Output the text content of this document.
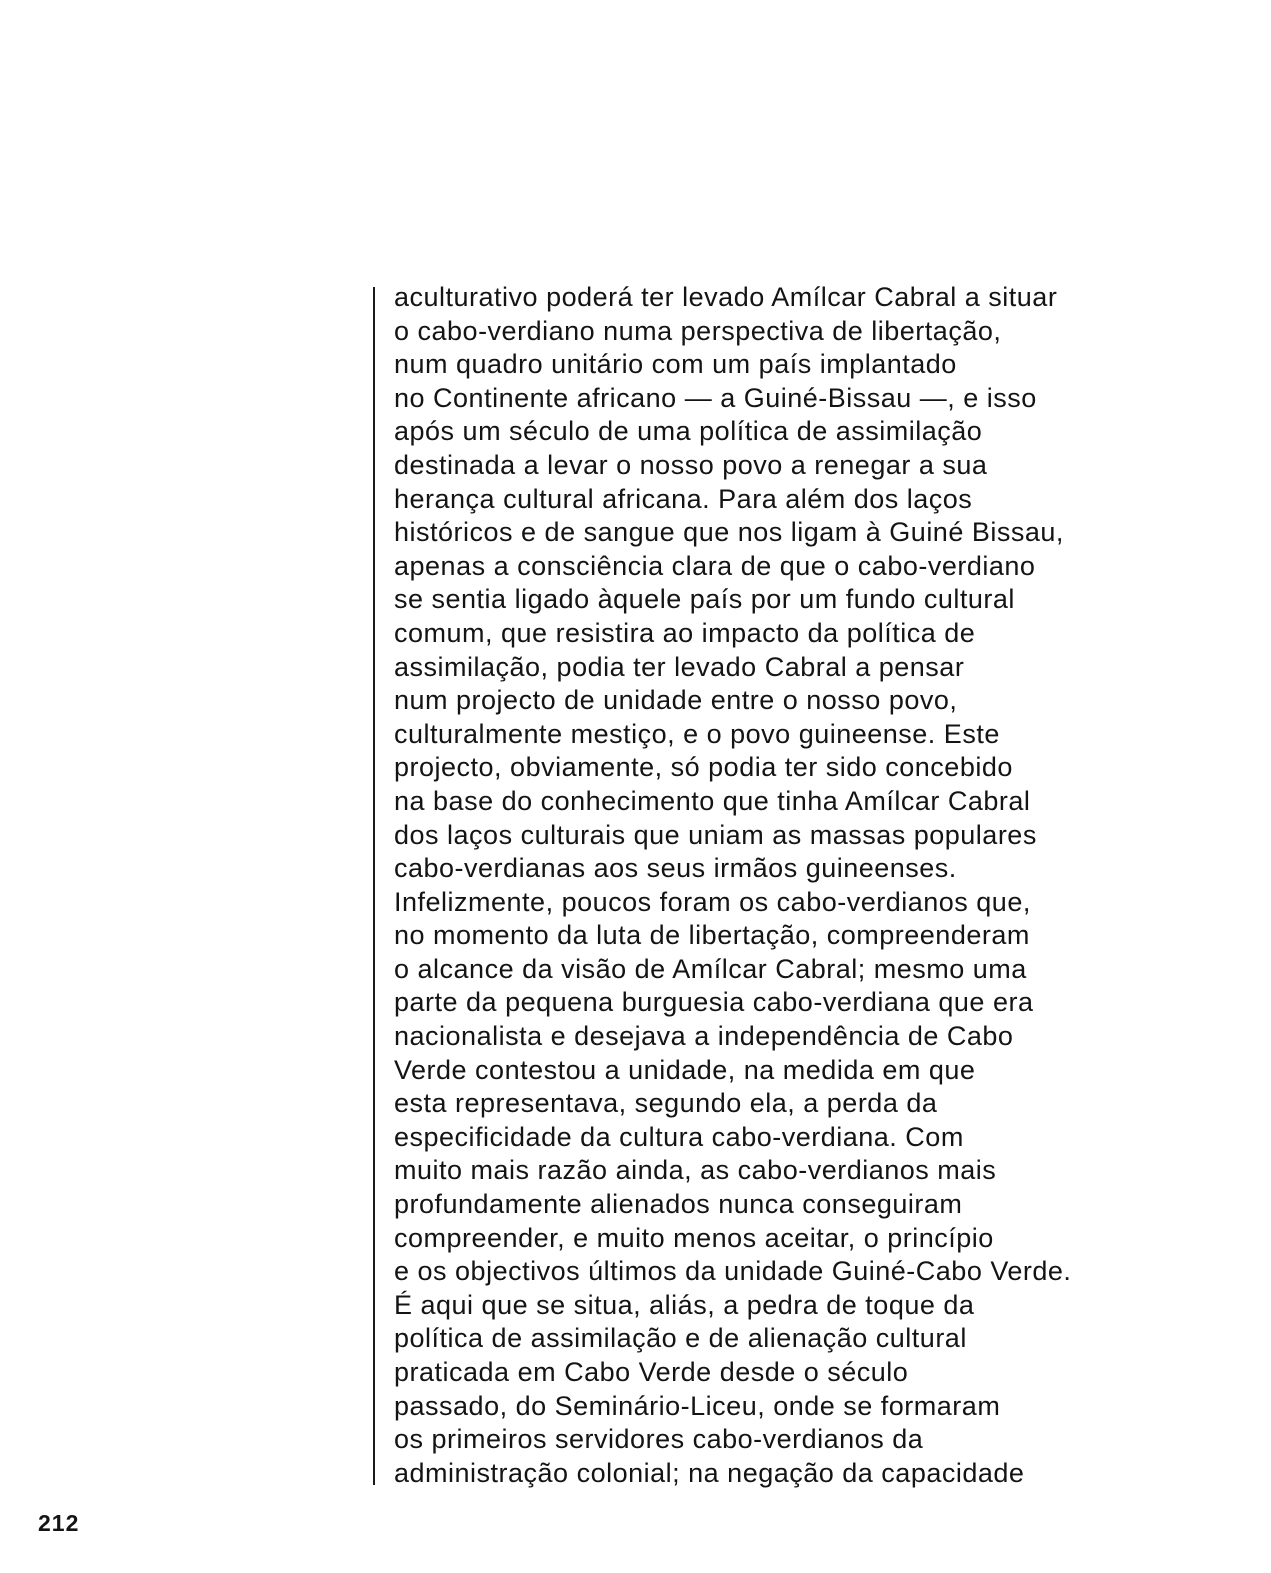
aculturativo poderá ter levado Amílcar Cabral a situar
o cabo-verdiano numa perspectiva de libertação,
num quadro unitário com um país implantado
no Continente africano — a Guiné-Bissau —, e isso
após um século de uma política de assimilação
destinada a levar o nosso povo a renegar a sua
herança cultural africana. Para além dos laços
históricos e de sangue que nos ligam à Guiné Bissau,
apenas a consciência clara de que o cabo-verdiano
se sentia ligado àquele país por um fundo cultural
comum, que resistira ao impacto da política de
assimilação, podia ter levado Cabral a pensar
num projecto de unidade entre o nosso povo,
culturalmente mestiço, e o povo guineense. Este
projecto, obviamente, só podia ter sido concebido
na base do conhecimento que tinha Amílcar Cabral
dos laços culturais que uniam as massas populares
cabo-verdianas aos seus irmãos guineenses.
Infelizmente, poucos foram os cabo-verdianos que,
no momento da luta de libertação, compreenderam
o alcance da visão de Amílcar Cabral; mesmo uma
parte da pequena burguesia cabo-verdiana que era
nacionalista e desejava a independência de Cabo
Verde contestou a unidade, na medida em que
esta representava, segundo ela, a perda da
especificidade da cultura cabo-verdiana. Com
muito mais razão ainda, as cabo-verdianos mais
profundamente alienados nunca conseguiram
compreender, e muito menos aceitar, o princípio
e os objectivos últimos da unidade Guiné-Cabo Verde.
É aqui que se situa, aliás, a pedra de toque da
política de assimilação e de alienação cultural
praticada em Cabo Verde desde o século
passado, do Seminário-Liceu, onde se formaram
os primeiros servidores cabo-verdianos da
administração colonial; na negação da capacidade
212
